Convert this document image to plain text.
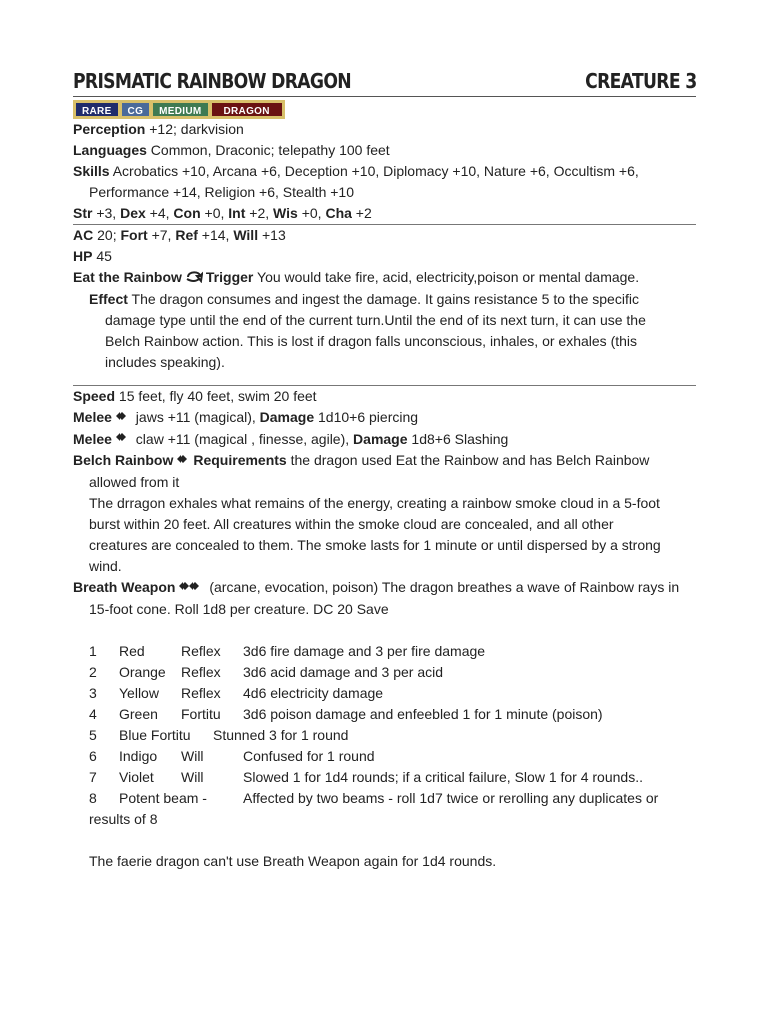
PRISMATIC RAINBOW DRAGON	CREATURE 3
RARE	CG	MEDIUM	DRAGON
Perception +12; darkvision
Languages Common, Draconic; telepathy 100 feet
Skills Acrobatics +10, Arcana +6, Deception +10, Diplomacy +10, Nature +6, Occultism +6,
Performance +14, Religion +6, Stealth +10
Str +3, Dex +4, Con +0, Int +2, Wis +0, Cha +2
AC 20; Fort +7, Ref +14, Will +13
HP 45
Eat the Rainbow Trigger You would take fire, acid, electricity,poison or mental damage.
Effect The dragon consumes and ingest the damage. It gains resistance 5 to the specific
damage type until the end of the current turn.Until the end of its next turn, it can use the
Belch Rainbow action. This is lost if dragon falls unconscious, inhales, or exhales (this
includes speaking).
Speed 15 feet, fly 40 feet, swim 20 feet
Melee jaws +11 (magical), Damage 1d10+6 piercing
Melee claw +11 (magical , finesse, agile), Damage 1d8+6 Slashing
Belch Rainbow Requirements the dragon used Eat the Rainbow and has Belch Rainbow
allowed from it
The drragon exhales what remains of the energy, creating a rainbow smoke cloud in a 5-foot
burst within 20 feet. All creatures within the smoke cloud are concealed, and all other
creatures are concealed to them. The smoke lasts for 1 minute or until dispersed by a strong
wind.
Breath Weapon (arcane, evocation, poison) The dragon breathes a wave of Rainbow rays in
15-foot cone. Roll 1d8 per creature. DC 20 Save
1	Red	Reflex	3d6 fire damage and 3 per fire damage
2	Orange	Reflex	3d6 acid damage and 3 per acid
3	Yellow	Reflex	4d6 electricity damage
4	Green	Fortitu	3d6 poison damage and enfeebled 1 for 1 minute (poison)
5	Blue Fortitu	Stunned 3 for 1 round
6	Indigo	Will	Confused for 1 round
7	Violet	Will	Slowed 1 for 1d4 rounds; if a critical failure, Slow 1 for 4 rounds..
8	Potent beam -	Affected by two beams - roll 1d7 twice or rerolling any duplicates or
results of 8
The faerie dragon can't use Breath Weapon again for 1d4 rounds.
